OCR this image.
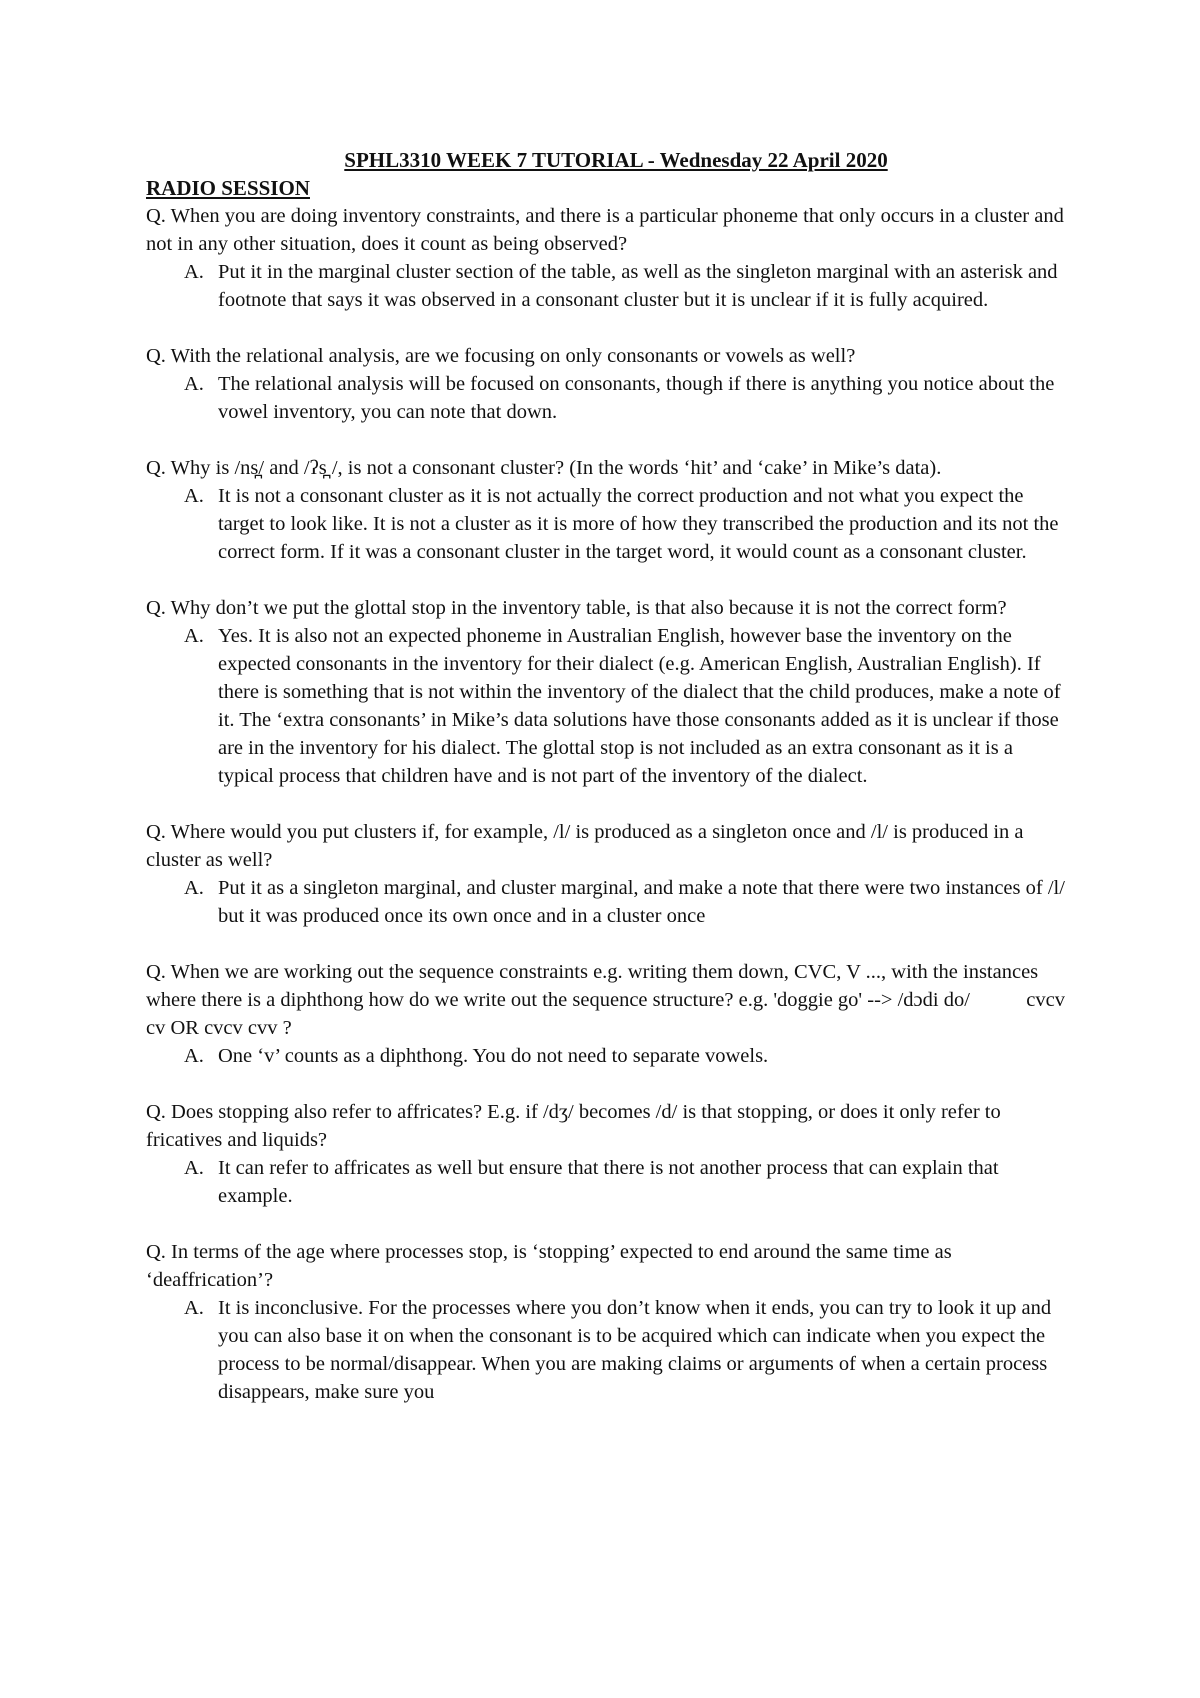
SPHL3310 WEEK 7 TUTORIAL - Wednesday 22 April 2020

RADIO SESSION

Q. When you are doing inventory constraints, and there is a particular phoneme that only occurs in a cluster and not in any other situation, does it count as being observed?

A. Put it in the marginal cluster section of the table, as well as the singleton marginal with an asterisk and footnote that says it was observed in a consonant cluster but it is unclear if it is fully acquired.

Q. With the relational analysis, are we focusing on only consonants or vowels as well?

A. The relational analysis will be focused on consonants, though if there is anything you notice about the vowel inventory, you can note that down.

Q. Why is /ns̪/ and /ʔs̪ /, is not a consonant cluster? (In the words ‘hit’ and ‘cake’ in Mike’s data).

A. It is not a consonant cluster as it is not actually the correct production and not what you expect the target to look like. It is not a cluster as it is more of how they transcribed the production and its not the correct form. If it was a consonant cluster in the target word, it would count as a consonant cluster.

Q. Why don’t we put the glottal stop in the inventory table, is that also because it is not the correct form?

A. Yes. It is also not an expected phoneme in Australian English, however base the inventory on the expected consonants in the inventory for their dialect (e.g. American English, Australian English). If there is something that is not within the inventory of the dialect that the child produces, make a note of it. The ‘extra consonants’ in Mike’s data solutions have those consonants added as it is unclear if those are in the inventory for his dialect. The glottal stop is not included as an extra consonant as it is a typical process that children have and is not part of the inventory of the dialect.

Q. Where would you put clusters if, for example, /l/ is produced as a singleton once and /l/ is produced in a cluster as well?

A. Put it as a singleton marginal, and cluster marginal, and make a note that there were two instances of /l/ but it was produced once its own once and in a cluster once

Q. When we are working out the sequence constraints e.g. writing them down, CVC, V ..., with the instances where there is a diphthong how do we write out the sequence structure? e.g. 'doggie go' --> /dɔdi do/           cvcv cv OR cvcv cvv ?

A. One ‘v’ counts as a diphthong. You do not need to separate vowels.

Q. Does stopping also refer to affricates? E.g. if /dʒ/ becomes /d/ is that stopping, or does it only refer to fricatives and liquids?

A. It can refer to affricates as well but ensure that there is not another process that can explain that example.

Q. In terms of the age where processes stop, is ‘stopping’ expected to end around the same time as ‘deaffrication’?

A. It is inconclusive. For the processes where you don’t know when it ends, you can try to look it up and you can also base it on when the consonant is to be acquired which can indicate when you expect the process to be normal/disappear. When you are making claims or arguments of when a certain process disappears, make sure you
